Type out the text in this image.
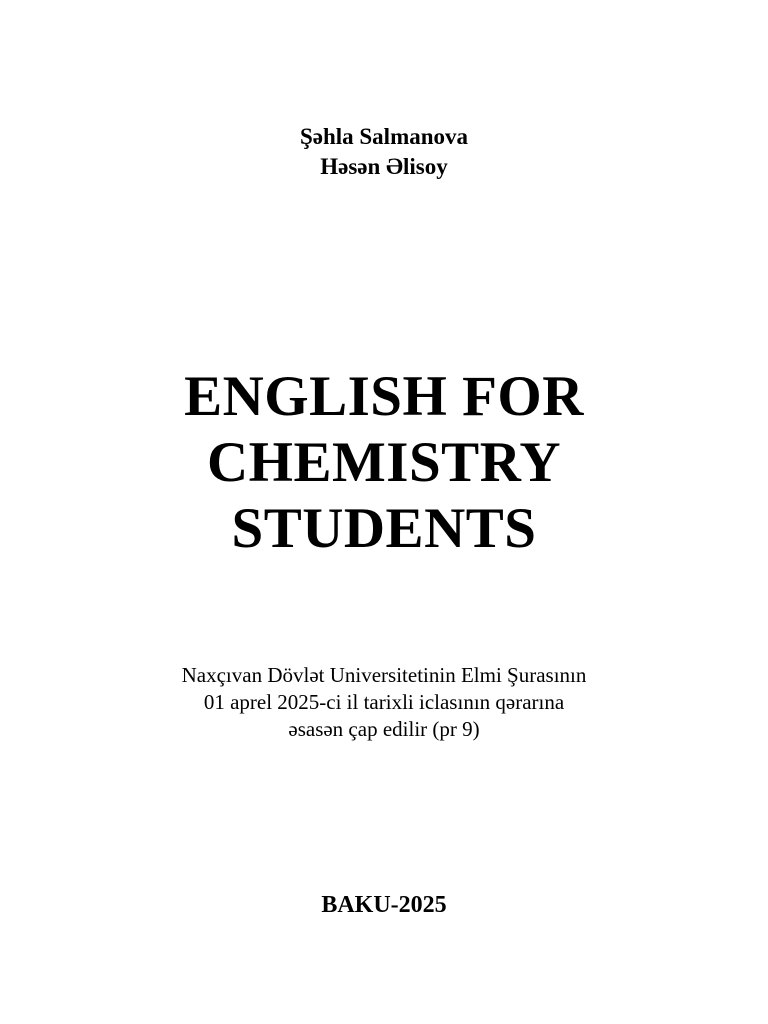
Şəhla Salmanova
Həsən Əlisoy
ENGLISH FOR
CHEMISTRY
STUDENTS
Naxçıvan Dövlət Universitetinin Elmi Şurasının
01 aprel 2025-ci il tarixli iclasının qərarına
əsasən çap edilir (pr 9)
BAKU-2025
